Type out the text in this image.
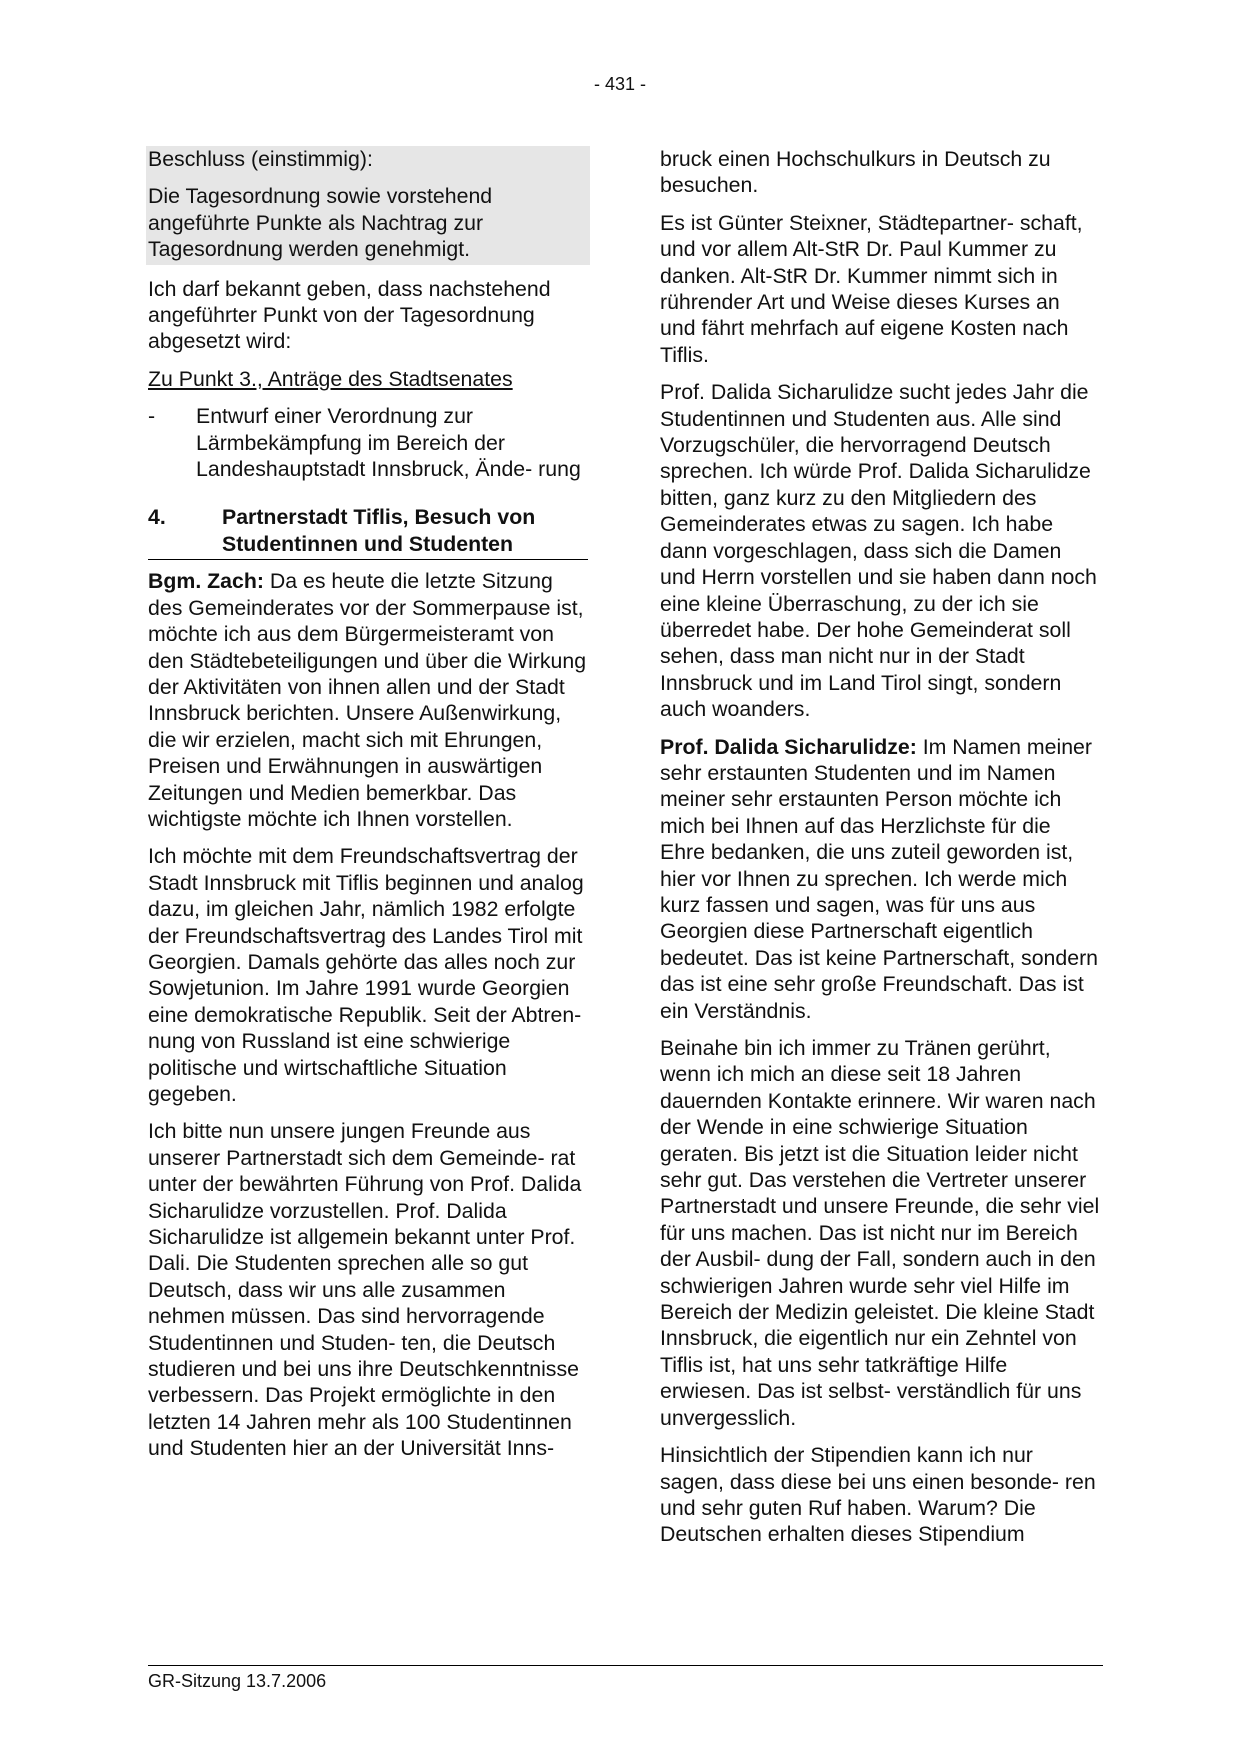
- 431 -

Beschluss (einstimmig):

Die Tagesordnung sowie vorstehend angeführte Punkte als Nachtrag zur Tagesordnung werden genehmigt.

Ich darf bekannt geben, dass nachstehend angeführter Punkt von der Tagesordnung abgesetzt wird:

Zu Punkt 3., Anträge des Stadtsenates

-	Entwurf einer Verordnung zur Lärmbekämpfung im Bereich der Landeshauptstadt Innsbruck, Ände- rung
4.	Partnerstadt Tiflis, Besuch von Studentinnen und Studenten

Bgm. Zach: Da es heute die letzte Sitzung des Gemeinderates vor der Sommerpause ist, möchte ich aus dem Bürgermeisteramt von den Städtebeteiligungen und über die Wirkung der Aktivitäten von ihnen allen und der Stadt Innsbruck berichten. Unsere Außenwirkung, die wir erzielen, macht sich mit Ehrungen, Preisen und Erwähnungen in auswärtigen Zeitungen und Medien bemerkbar. Das wichtigste möchte ich Ihnen vorstellen.

Ich möchte mit dem Freundschaftsvertrag der Stadt Innsbruck mit Tiflis beginnen und analog dazu, im gleichen Jahr, nämlich 1982 erfolgte der Freundschaftsvertrag des Landes Tirol mit Georgien. Damals gehörte das alles noch zur Sowjetunion. Im Jahre 1991 wurde Georgien eine demokratische Republik. Seit der Abtren- nung von Russland ist eine schwierige politische und wirtschaftliche Situation gegeben.

Ich bitte nun unsere jungen Freunde aus unserer Partnerstadt sich dem Gemeinde- rat unter der bewährten Führung von Prof. Dalida Sicharulidze vorzustellen. Prof. Dalida Sicharulidze ist allgemein bekannt unter Prof. Dali. Die Studenten sprechen alle so gut Deutsch, dass wir uns alle zusammen nehmen müssen. Das sind hervorragende Studentinnen und Studen- ten, die Deutsch studieren und bei uns ihre Deutschkenntnisse verbessern. Das Projekt ermöglichte in den letzten 14 Jahren mehr als 100 Studentinnen und Studenten hier an der Universität Inns-

bruck einen Hochschulkurs in Deutsch zu besuchen.

Es ist Günter Steixner, Städtepartner- schaft, und vor allem Alt-StR Dr. Paul Kummer zu danken. Alt-StR Dr. Kummer nimmt sich in rührender Art und Weise dieses Kurses an und fährt mehrfach auf eigene Kosten nach Tiflis.

Prof. Dalida Sicharulidze sucht jedes Jahr die Studentinnen und Studenten aus. Alle sind Vorzugschüler, die hervorragend Deutsch sprechen. Ich würde Prof. Dalida Sicharulidze bitten, ganz kurz zu den Mitgliedern des Gemeinderates etwas zu sagen. Ich habe dann vorgeschlagen, dass sich die Damen und Herrn vorstellen und sie haben dann noch eine kleine Überraschung, zu der ich sie überredet habe. Der hohe Gemeinderat soll sehen, dass man nicht nur in der Stadt Innsbruck und im Land Tirol singt, sondern auch woanders.

Prof. Dalida Sicharulidze: Im Namen meiner sehr erstaunten Studenten und im Namen meiner sehr erstaunten Person möchte ich mich bei Ihnen auf das Herzlichste für die Ehre bedanken, die uns zuteil geworden ist, hier vor Ihnen zu sprechen. Ich werde mich kurz fassen und sagen, was für uns aus Georgien diese Partnerschaft eigentlich bedeutet. Das ist keine Partnerschaft, sondern das ist eine sehr große Freundschaft. Das ist ein Verständnis.

Beinahe bin ich immer zu Tränen gerührt, wenn ich mich an diese seit 18 Jahren dauernden Kontakte erinnere. Wir waren nach der Wende in eine schwierige Situation geraten. Bis jetzt ist die Situation leider nicht sehr gut. Das verstehen die Vertreter unserer Partnerstadt und unsere Freunde, die sehr viel für uns machen. Das ist nicht nur im Bereich der Ausbil- dung der Fall, sondern auch in den schwierigen Jahren wurde sehr viel Hilfe im Bereich der Medizin geleistet. Die kleine Stadt Innsbruck, die eigentlich nur ein Zehntel von Tiflis ist, hat uns sehr tatkräftige Hilfe erwiesen. Das ist selbst- verständlich für uns unvergesslich.

Hinsichtlich der Stipendien kann ich nur sagen, dass diese bei uns einen besonde- ren und sehr guten Ruf haben. Warum? Die Deutschen erhalten dieses Stipendium

GR-Sitzung 13.7.2006
